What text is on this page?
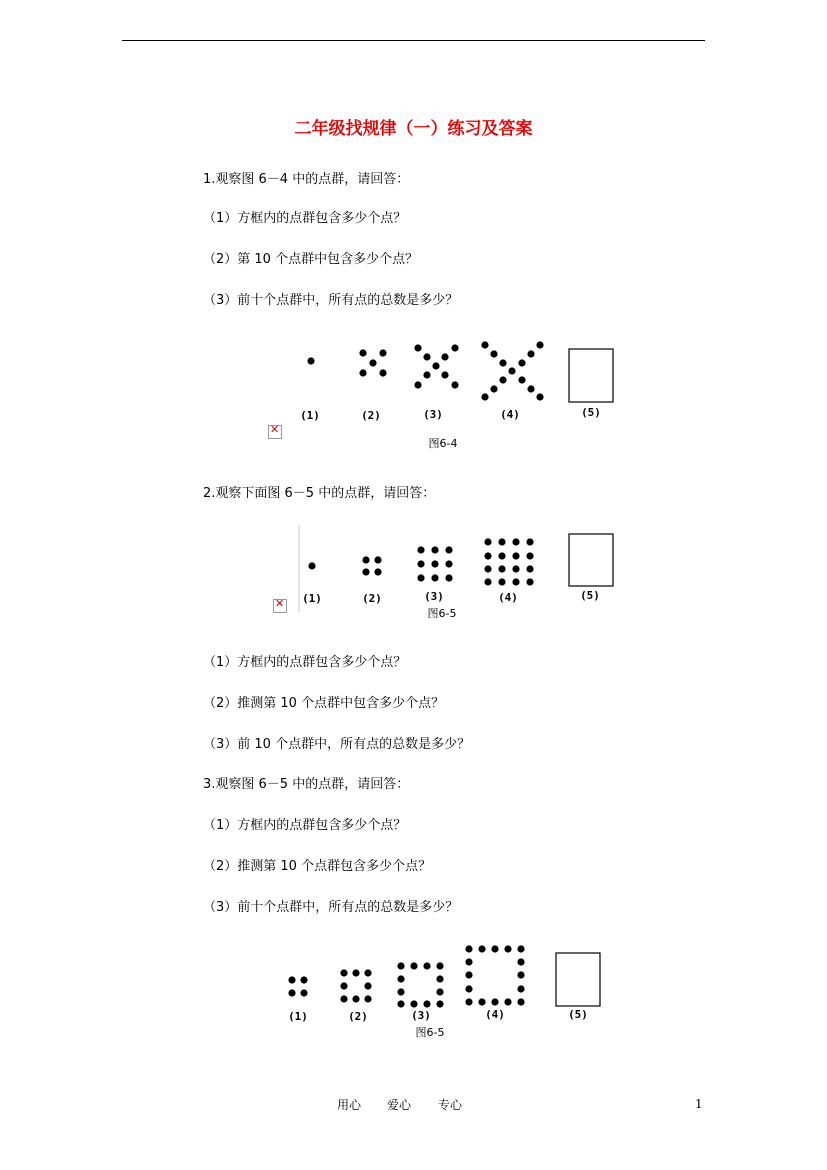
二年级找规律（一）练习及答案
1.观察图 6－4 中的点群，请回答：
（1）方框内的点群包含多少个点？
（2）第 10 个点群中包含多少个点？
（3）前十个点群中，所有点的总数是多少？
✕
(1)	(2)	(3)	(4)	(5)
图6-4
2.观察下面图 6－5 中的点群，请回答：
✕
(1)	(2)	(3)	(4)	(5)
图6-5
（1）方框内的点群包含多少个点？
（2）推测第 10 个点群中包含多少个点？
（3）前 10 个点群中，所有点的总数是多少？
3.观察图 6－5 中的点群，请回答：
（1）方框内的点群包含多少个点？
（2）推测第 10 个点群包含多少个点？
（3）前十个点群中，所有点的总数是多少？
(1)	(2)	(3)	(4)	(5)
图6-5
用心 爱心 专心	1
